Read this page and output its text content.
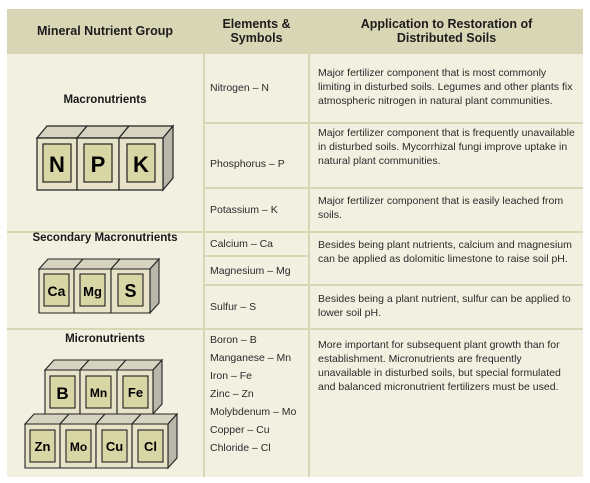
Mineral Nutrient Group	Elements & Symbols
Application to Restoration of Distributed Soils
Macronutrients
Secondary Macronutrients
Micronutrients
N P K
Ca Mg S
B Mn Fe
Zn Mo Cu Cl
Nitrogen – N
Major fertilizer component that is most commonly limiting in disturbed soils. Legumes and other plants fix atmospheric nitrogen in natural plant communities.
Phosphorus – P
Major fertilizer component that is frequently unavailable in disturbed soils. Mycorrhizal fungi improve uptake in natural plant communities.
Potassium – K
Major fertilizer component that is easily leached from soils.
Calcium – Ca
Magnesium – Mg
Besides being plant nutrients, calcium and magnesium can be applied as dolomitic limestone to raise soil pH.
Sulfur – S
Besides being a plant nutrient, sulfur can be applied to lower soil pH.
Boron – B
Manganese – Mn
Iron – Fe
Zinc – Zn
Molybdenum – Mo
Copper – Cu
Chloride – Cl
More important for subsequent plant growth than for establishment. Micronutrients are frequently unavailable in disturbed soils, but special formulated and balanced micronutrient fertilizers must be used.
